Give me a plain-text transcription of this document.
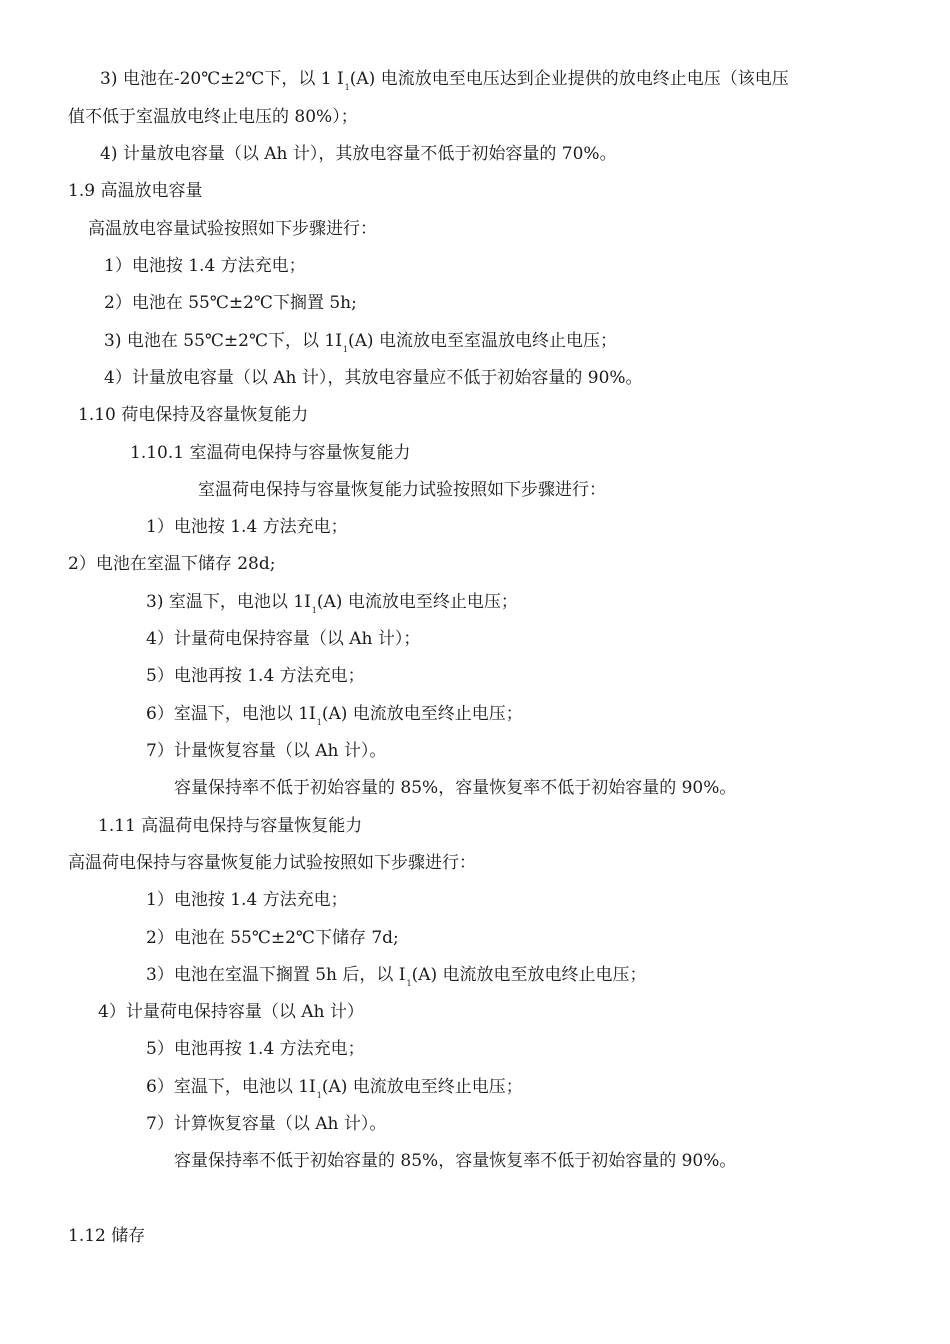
3) 电池在-20℃±2℃下，以 1 $I_1(A)$ 电流放电至电压达到企业提供的放电终止电压（该电压
值不低于室温放电终止电压的 80%）；
4) 计量放电容量（以 Ah 计），其放电容量不低于初始容量的 70%。
1.9 高温放电容量
高温放电容量试验按照如下步骤进行：
1）电池按 1.4 方法充电；
2）电池在 55℃±2℃下搁置 5h;
3) 电池在 55℃±2℃下，以 $1I_1(A)$ 电流放电至室温放电终止电压；
4）计量放电容量（以 Ah 计），其放电容量应不低于初始容量的 90%。
1.10 荷电保持及容量恢复能力
1.10.1 室温荷电保持与容量恢复能力
室温荷电保持与容量恢复能力试验按照如下步骤进行：
1）电池按 1.4 方法充电；
2）电池在室温下储存 28d;
3) 室温下，电池以 $1I_1(A)$ 电流放电至终止电压；
4）计量荷电保持容量（以 Ah 计）；
5）电池再按 1.4 方法充电；
6）室温下，电池以 $1I_1(A)$ 电流放电至终止电压；
7）计量恢复容量（以 Ah 计）。
容量保持率不低于初始容量的 85%，容量恢复率不低于初始容量的 90%。
1.11 高温荷电保持与容量恢复能力
高温荷电保持与容量恢复能力试验按照如下步骤进行：
1）电池按 1.4 方法充电；
2）电池在 55℃±2℃下储存 7d;
3）电池在室温下搁置 5h 后，以 $I_1(A)$ 电流放电至放电终止电压；
4）计量荷电保持容量（以 Ah 计）
5）电池再按 1.4 方法充电；
6）室温下，电池以 $1I_1(A)$ 电流放电至终止电压；
7）计算恢复容量（以 Ah 计）。
容量保持率不低于初始容量的 85%，容量恢复率不低于初始容量的 90%。
1.12 储存
